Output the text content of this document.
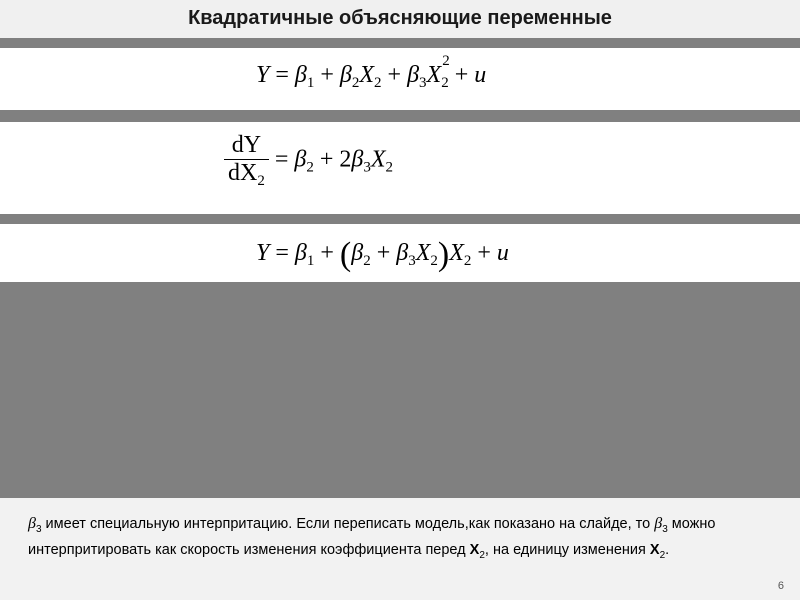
Квадратичные объясняющие переменные
$Y = \beta_1 + \beta_2X_2 + \beta_3X$
2
$_2$ + u
$\frac{dY}{dX_2} = \beta_2 + 2\beta_3X_2$
$Y = \beta_1 + (\beta_2 + \beta_3X_2)X_2 + u$
$\beta_3$ имеет специальную интерпритацию. Если переписать модель,как показано на слайде, то $\beta_3$ можно интерпритировать как скорость изменения коэффициента перед $X_2$, на единицу изменения $X_2$.
6
